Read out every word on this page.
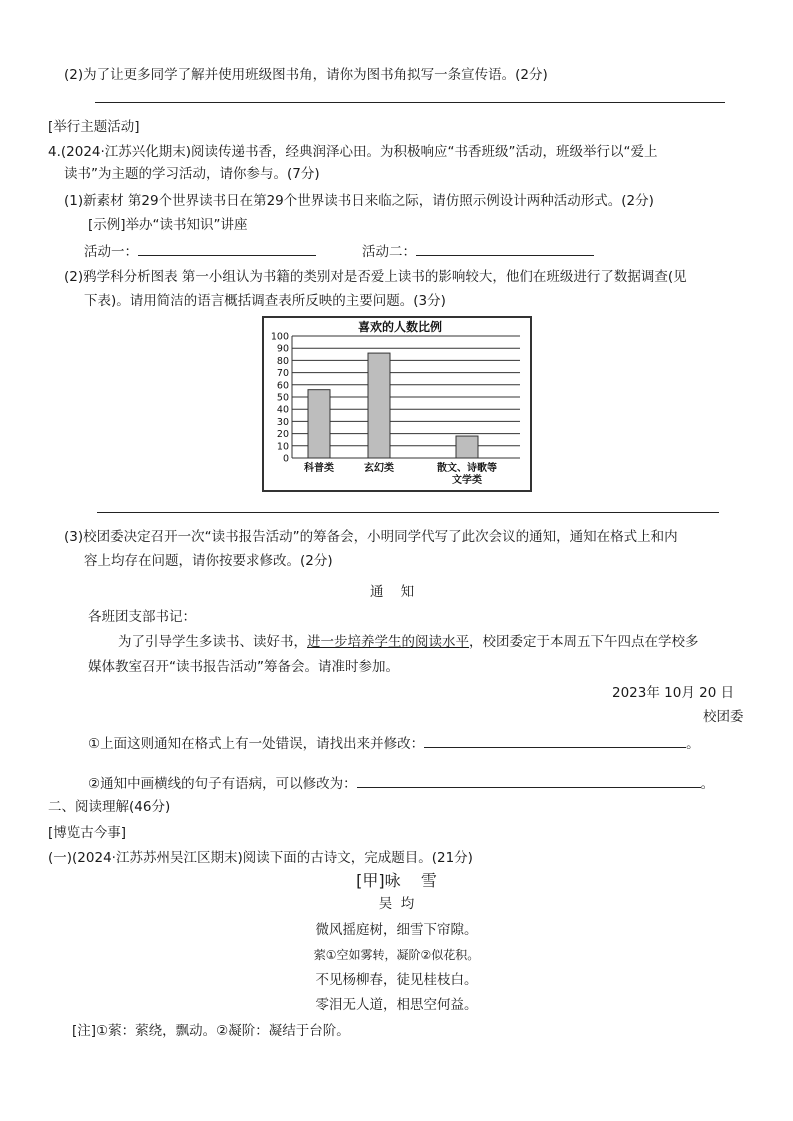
(2)为了让更多同学了解并使用班级图书角，请你为图书角拟写一条宣传语。(2分)
[举行主题活动]
4.(2024·江苏兴化期末)阅读传递书香，经典润泽心田。为积极响应“书香班级”活动，班级举行以“爱上
读书”为主题的学习活动，请你参与。(7分)
(1)新素材 第29个世界读书日在第29个世界读书日来临之际，请仿照示例设计两种活动形式。(2分)
[示例]举办“读书知识”讲座
活动一：	活动二：
(2)鸦学科分析图表 第一小组认为书籍的类别对是否爱上读书的影响较大，他们在班级进行了数据调查(见
下表)。请用简洁的语言概括调查表所反映的主要问题。(3分)
喜欢的人数比例
0
10
20
30
40
50
60
70
80
90
100
科普类	玄幻类	散文、诗歌等
文学类
(3)校团委决定召开一次“读书报告活动”的筹备会，小明同学代写了此次会议的通知，通知在格式上和内
容上均存在问题，请你按要求修改。(2分)
通    知
各班团支部书记：
为了引导学生多读书、读好书，进一步培养学生的阅读水平，校团委定于本周五下午四点在学校多
媒体教室召开“读书报告活动”筹备会。请准时参加。
2023年 10月 20 日
校团委
①上面这则通知在格式上有一处错误，请找出来并修改：	。
②通知中画横线的句子有语病，可以修改为：	。
二、阅读理解(46分)
[博览古今事]
(一)(2024·江苏苏州吴江区期末)阅读下面的古诗文，完成题目。(21分)
[甲]咏    雪
吴  均
微风摇庭树，细雪下帘隙。
萦①空如雾转，凝阶②似花积。
不见杨柳春，徒见桂枝白。
零泪无人道，相思空何益。
[注]①萦：萦绕，飘动。②凝阶：凝结于台阶。
